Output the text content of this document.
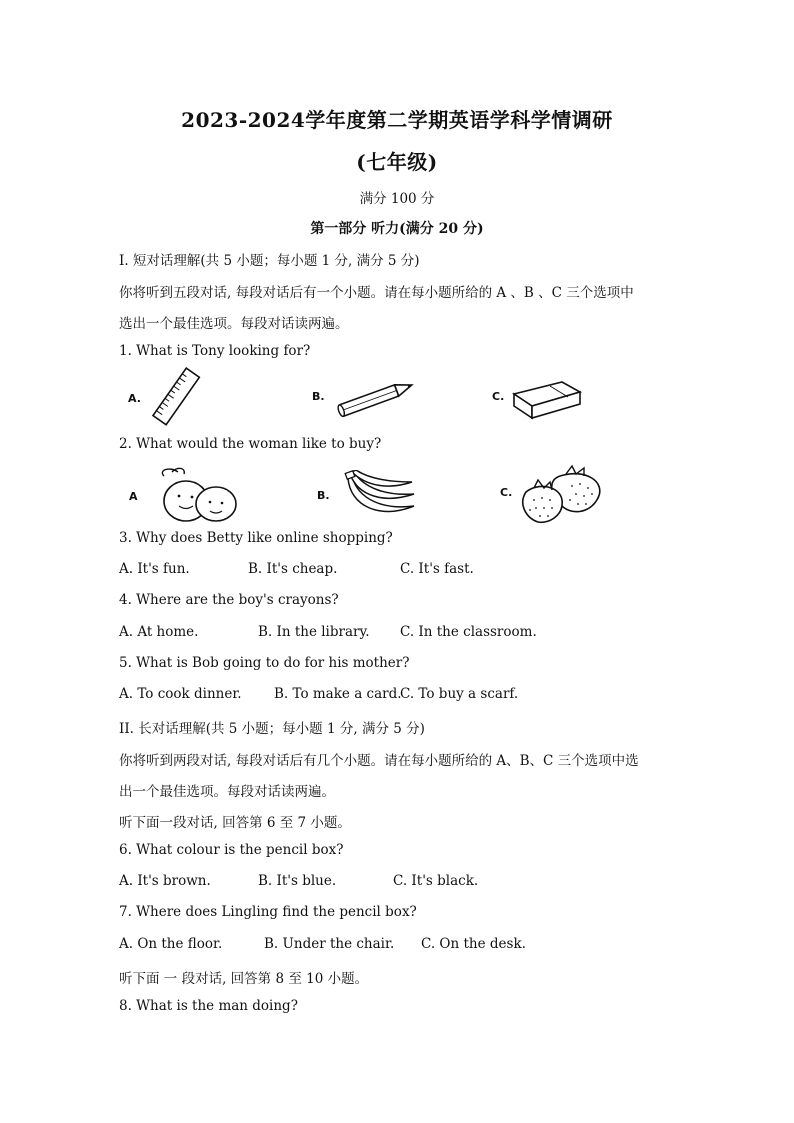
2023-2024学年度第二学期英语学科学情调研
(七年级)
满分 100 分
第一部分 听力(满分 20 分)
I. 短对话理解(共 5 小题；每小题 1 分, 满分 5 分)
你将听到五段对话, 每段对话后有一个小题。请在每小题所给的 A 、B 、C 三个选项中
选出一个最佳选项。每段对话读两遍。
1. What is Tony looking for?
A.	B.	C.
2. What would the woman like to buy?
A	B.	C.
3. Why does Betty like online shopping?
A. It's fun.	B. It's cheap.	C. It's fast.
4. Where are the boy's crayons?
A. At home.	B. In the library. C. In the classroom.
5. What is Bob going to do for his mother?
A. To cook dinner. B. To make a card.
C. To buy a scarf.
II. 长对话理解(共 5 小题；每小题 1 分, 满分 5 分)
你将听到两段对话, 每段对话后有几个小题。请在每小题所给的 A、B、C 三个选项中选
出一个最佳选项。每段对话读两遍。
听下面一段对话, 回答第 6 至 7 小题。
6. What colour is the pencil box?
A. It's brown.	B. It's blue.	C. It's black.
7. Where does Lingling find the pencil box?
A. On the floor.	B. Under the chair. C. On the desk.
听下面 一 段对话, 回答第 8 至 10 小题。
8. What is the man doing?
